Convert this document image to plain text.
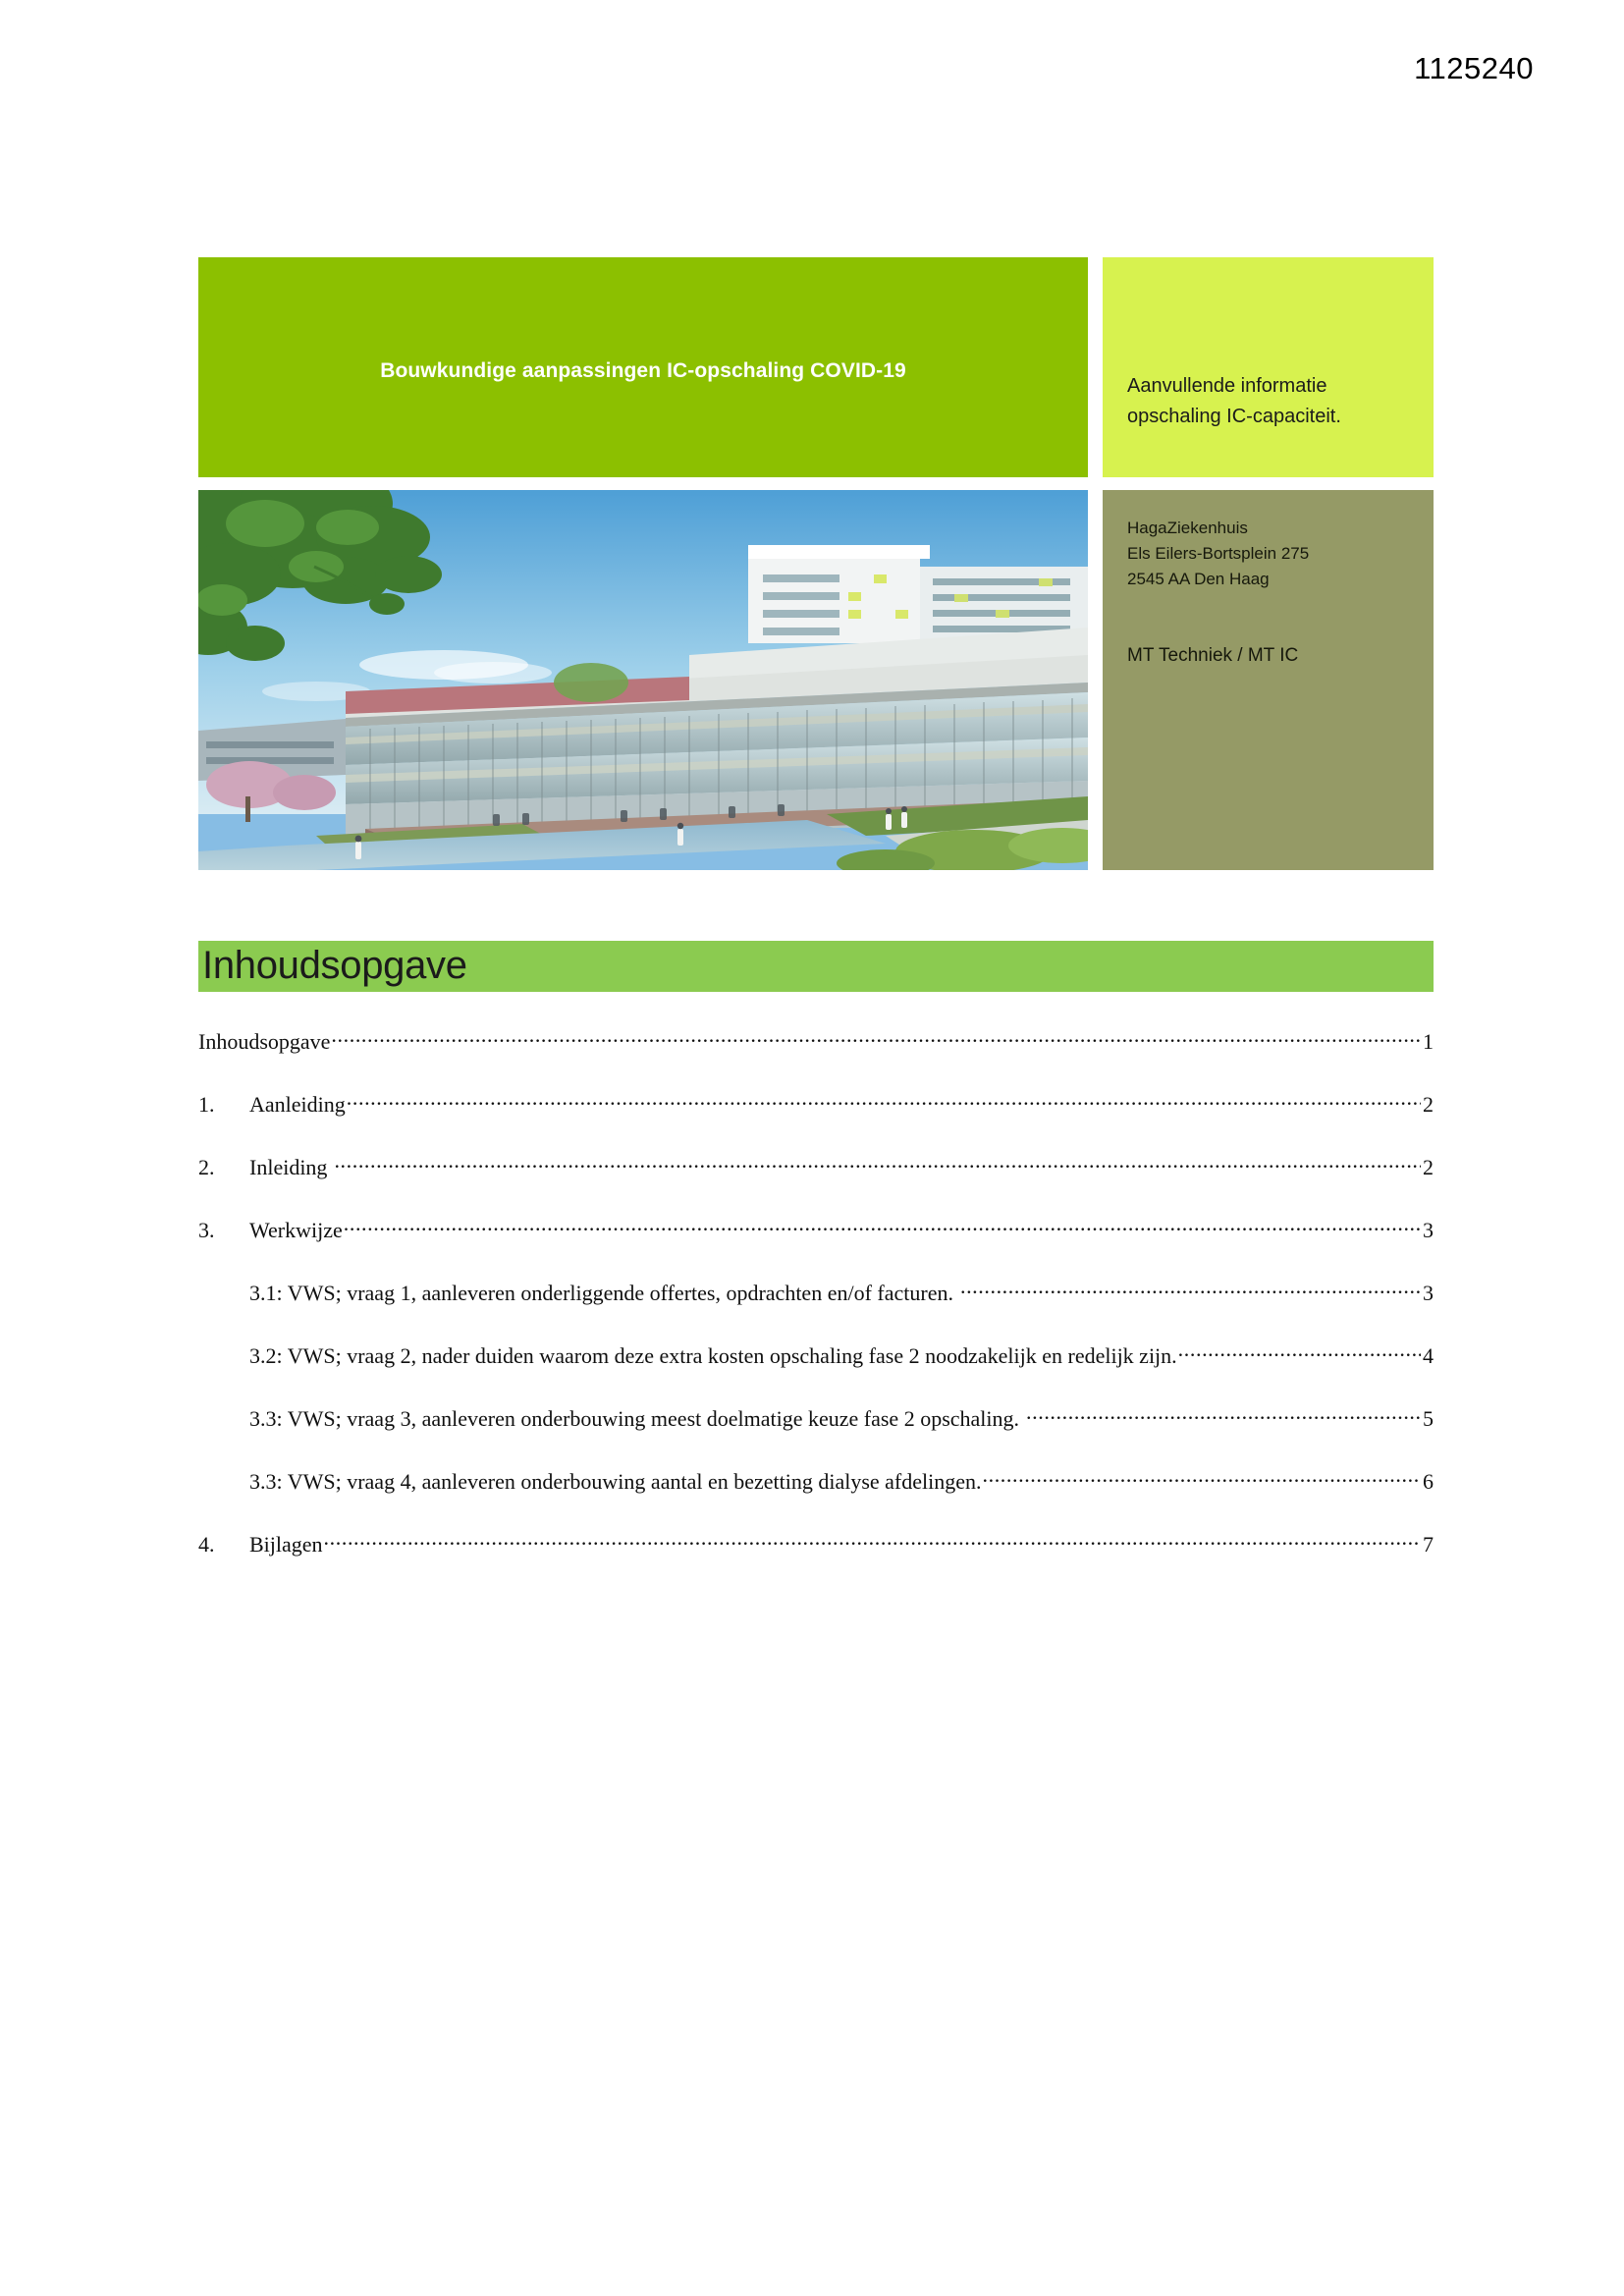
1125240
Bouwkundige aanpassingen IC-opschaling COVID-19
Aanvullende informatie
opschaling IC-capaciteit.
HagaZiekenhuis
Els Eilers-Bortsplein 275
2545 AA Den Haag
MT Techniek / MT IC
Inhoudsopgave
Inhoudsopgave .....	1
1.	Aanleiding .....	2
2.	Inleiding .....	2
3.	Werkwijze .....	3
3.1: VWS; vraag 1, aanleveren onderliggende offertes, opdrachten en/of facturen. .....	3
3.2: VWS; vraag 2, nader duiden waarom deze extra kosten opschaling fase 2 noodzakelijk en redelijk zijn. .....	4
3.3: VWS; vraag 3, aanleveren onderbouwing meest doelmatige keuze fase 2 opschaling. .....	5
3.3: VWS; vraag 4, aanleveren onderbouwing aantal en bezetting dialyse afdelingen. .....	6
4.	Bijlagen .....	7
